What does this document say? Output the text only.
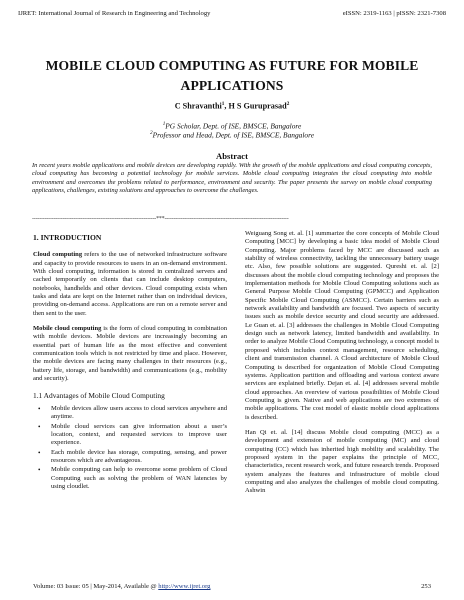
IJRET: International Journal of Research in Engineering and Technology	eISSN: 2319-1163 | pISSN: 2321-7308
MOBILE CLOUD COMPUTING AS FUTURE FOR MOBILE
APPLICATIONS
C Shravanthi$^1$, H S Guruprasad$^2$
$^1$PG Scholar, Dept. of ISE, BMSCE, Bangalore
$^2$Professor and Head, Dept. of ISE, BMSCE, Bangalore
Abstract
In recent years mobile applications and mobile devices are developing rapidly. With the growth of the mobile applications and cloud computing concepts, cloud computing has becoming a potential technology for mobile services. Mobile cloud computing integrates the cloud computing into mobile environment and overcomes the problems related to performance, environment and security. The paper presents the survey on mobile cloud computing applications, challenges, existing solutions and approaches to overcome the challenges.
---------------------------------------------------------------------***---------------------------------------------------------------------
1. INTRODUCTION

Cloud computing refers to the use of networked infrastructure software and capacity to provide resources to users in an on-demand environment. With cloud computing, information is stored in centralized servers and cached temporarily on clients that can include desktop computers, notebooks, handhelds and other devices. Cloud computing exists when tasks and data are kept on the Internet rather than on individual devices, providing on-demand access. Applications are run on a remote server and then sent to the user.

Mobile cloud computing is the form of cloud computing in combination with mobile devices. Mobile devices are increasingly becoming an essential part of human life as the most effective and convenient communication tools which is not restricted by time and place. However, the mobile devices are facing many challenges in their resources (e.g., battery life, storage, and bandwidth) and communications (e.g., mobility and security).

1.1 Advantages of Mobile Cloud Computing
• Mobile devices allow users access to cloud services anywhere and anytime.
• Mobile cloud services can give information about a user’s location, context, and requested services to improve user experience.
• Each mobile device has storage, computing, sensing, and power resources which are advantageous.
• Mobile computing can help to overcome some problem of Cloud Computing such as solving the problem of WAN latencies by using cloudlet.

Weiguang Song et. al. [1] summarize the core concepts of Mobile Cloud Computing [MCC] by developing a basic idea model of Mobile Cloud Computing. Major problems faced by MCC are discussed such as stability of wireless connectivity, tackling the unnecessary battery usage etc. Also, few possible solutions are suggested. Qureshi et. al. [2] discusses about the mobile cloud computing technology and proposes the implementation methods for Mobile Cloud Computing solutions such as General Purpose Mobile Cloud Computing (GPMCC) and Application Specific Mobile Cloud Computing (ASMCC). Certain barriers such as network availability and bandwidth are focused. Two aspects of security issues such as mobile device security and cloud security are addressed. Le Guan et. al. [3] addresses the challenges in Mobile Cloud Computing design such as network latency, limited bandwidth and availability. In order to analyze Mobile Cloud Computing technology, a concept model is proposed which includes context management, resource scheduling, client and transmission channel. A Cloud architecture of Mobile Cloud Computing is described for organization of Mobile Cloud Computing systems. Application partition and offloading and various context aware services are explained briefly. Dejan et. al. [4] addresses several mobile cloud approaches. An overview of various possibilities of Mobile Cloud Computing is given. Native and web applications are two extremes of mobile applications. The cost model of elastic mobile cloud applications is described.

Han Qi et. al. [14] discuss Mobile cloud computing (MCC) as a development and extension of mobile computing (MC) and cloud computing (CC) which has inherited high mobility and scalability. The proposed system in the paper explains the principle of MCC, characteristics, recent research work, and future research trends. Proposed system analyzes the features and infrastructure of mobile cloud computing and also analyzes the challenges of mobile cloud computing. Ashwin

Volume: 03 Issue: 05 | May-2014, Available @ http://www.ijret.org	253
